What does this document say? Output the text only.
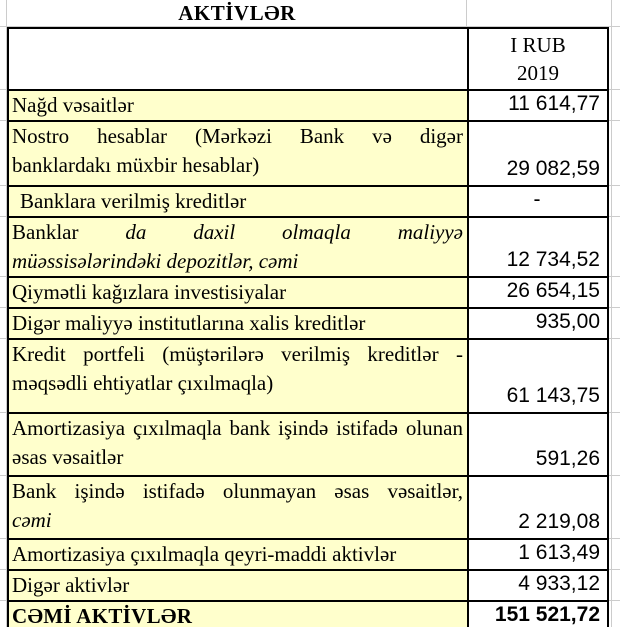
AKTİVLƏR

	I RUB
2019

Nağd vəsaitlər	11 614,77

Nostro hesablar (Mərkəzi Bank və digər
banklardakı müxbir hesablar)	29 082,59

Banklara verilmiş kreditlər	-

Banklar da daxil olmaqla maliyyə
müəssisələrindəki depozitlər, cəmi	12 734,52

Qiymətli kağızlara investisiyalar	26 654,15

Digər maliyyə institutlarına xalis kreditlər	935,00

Kredit portfeli (müştərilərə verilmiş kreditlər -
məqsədli ehtiyatlar çıxılmaqla)	61 143,75

Amortizasiya çıxılmaqla bank işində istifadə olunan
əsas vəsaitlər	591,26

Bank işində istifadə olunmayan əsas vəsaitlər,
cəmi	2 219,08

Amortizasiya çıxılmaqla qeyri-maddi aktivlər	1 613,49

Digər aktivlər	4 933,12

CƏMİ AKTİVLƏR	151 521,72
